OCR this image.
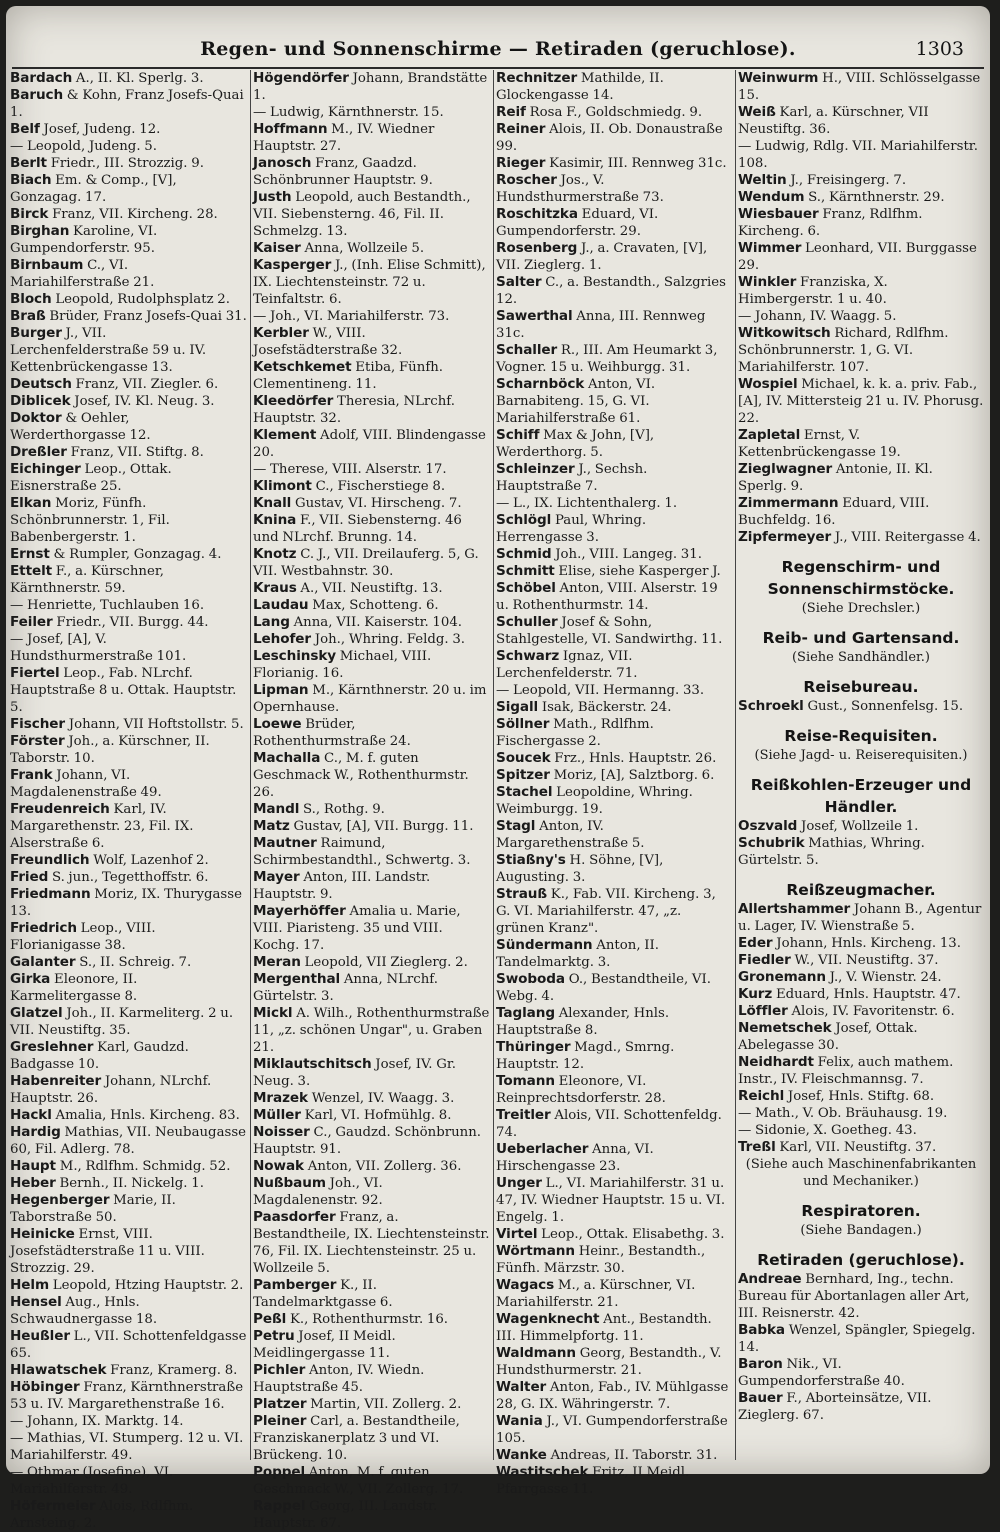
Regen- und Sonnenschirme — Retiraden (geruchlose).	1303
Bardach A., II. Kl. Sperlg. 3.
Baruch & Kohn, Franz Josefs-Quai 1.
Belf Josef, Judeng. 12.
— Leopold, Judeng. 5.
Berlt Friedr., III. Strozzig. 9.
Biach Em. & Comp., [V], Gonzagag. 17.
Birck Franz, VII. Kircheng. 28.
Birghan Karoline, VI. Gumpendorferstr. 95.
Birnbaum C., VI. Mariahilferstraße 21.
Bloch Leopold, Rudolphsplatz 2.
Braß Brüder, Franz Josefs-Quai 31.
Burger J., VII. Lerchenfelderstraße 59 u. IV. Kettenbrückengasse 13.
Deutsch Franz, VII. Ziegler. 6.
Diblicek Josef, IV. Kl. Neug. 3.
Doktor & Oehler, Werderthorgasse 12.
Dreßler Franz, VII. Stiftg. 8.
Eichinger Leop., Ottak. Eisnerstraße 25.
Elkan Moriz, Fünfh. Schönbrunnerstr. 1, Fil. Babenbergerstr. 1.
Ernst & Rumpler, Gonzagag. 4.
Ettelt F., a. Kürschner, Kärnthnerstr. 59.
— Henriette, Tuchlauben 16.
Feiler Friedr., VII. Burgg. 44.
— Josef, [A], V. Hundsthurmerstraße 101.
Fiertel Leop., Fab. NLrchf. Hauptstraße 8 u. Ottak. Hauptstr. 5.
Fischer Johann, VII Hoftstollstr. 5.
Förster Joh., a. Kürschner, II. Taborstr. 10.
Frank Johann, VI. Magdalenenstraße 49.
Freudenreich Karl, IV. Margarethenstr. 23, Fil. IX. Alserstraße 6.
Freundlich Wolf, Lazenhof 2.
Fried S. jun., Tegetthoffstr. 6.
Friedmann Moriz, IX. Thurygasse 13.
Friedrich Leop., VIII. Florianigasse 38.
Galanter S., II. Schreig. 7.
Girka Eleonore, II. Karmelitergasse 8.
Glatzel Joh., II. Karmeliterg. 2 u. VII. Neustiftg. 35.
Greslehner Karl, Gaudzd. Badgasse 10.
Habenreiter Johann, NLrchf. Hauptstr. 26.
Hackl Amalia, Hnls. Kircheng. 83.
Hardig Mathias, VII. Neubaugasse 60, Fil. Adlerg. 78.
Haupt M., Rdlfhm. Schmidg. 52.
Heber Bernh., II. Nickelg. 1.
Hegenberger Marie, II. Taborstraße 50.
Heinicke Ernst, VIII. Josefstädterstraße 11 u. VIII. Strozzig. 29.
Helm Leopold, Htzing Hauptstr. 2.
Hensel Aug., Hnls. Schwaudnergasse 18.
Heußler L., VII. Schottenfeldgasse 65.
Hlawatschek Franz, Kramerg. 8.
Höbinger Franz, Kärnthnerstraße 53 u. IV. Margarethenstraße 16.
— Johann, IX. Marktg. 14.
— Mathias, VI. Stumperg. 12 u. VI. Mariahilferstr. 49.
— Othmar (Josefine), VI. Mariahilferstr. 49.
Höfermeier Alois, Rdlfhm. Arnsteing. 2.
Högendörfer Johann, Brandstätte 1.
— Ludwig, Kärnthnerstr. 15.
Hoffmann M., IV. Wiedner Hauptstr. 27.
Janosch Franz, Gaadzd. Schönbrunner Hauptstr. 9.
Justh Leopold, auch Bestandth., VII. Siebensterng. 46, Fil. II. Schmelzg. 13.
Kaiser Anna, Wollzeile 5.
Kasperger J., (Inh. Elise Schmitt), IX. Liechtensteinstr. 72 u. Teinfaltstr. 6.
— Joh., VI. Mariahilferstr. 73.
Kerbler W., VIII. Josefstädterstraße 32.
Ketschkemet Etiba, Fünfh. Clementineng. 11.
Kleedörfer Theresia, NLrchf. Hauptstr. 32.
Klement Adolf, VIII. Blindengasse 20.
— Therese, VIII. Alserstr. 17.
Klimont C., Fischerstiege 8.
Knall Gustav, VI. Hirscheng. 7.
Knina F., VII. Siebensterng. 46 und NLrchf. Brunng. 14.
Knotz C. J., VII. Dreilauferg. 5, G. VII. Westbahnstr. 30.
Kraus A., VII. Neustiftg. 13.
Laudau Max, Schotteng. 6.
Lang Anna, VII. Kaiserstr. 104.
Lehofer Joh., Whring. Feldg. 3.
Leschinsky Michael, VIII. Florianig. 16.
Lipman M., Kärnthnerstr. 20 u. im Opernhause.
Loewe Brüder, Rothenthurmstraße 24.
Machalla C., M. f. guten Geschmack W., Rothenthurmstr. 26.
Mandl S., Rothg. 9.
Matz Gustav, [A], VII. Burgg. 11.
Mautner Raimund, Schirmbestandthl., Schwertg. 3.
Mayer Anton, III. Landstr. Hauptstr. 9.
Mayerhöffer Amalia u. Marie, VIII. Piaristeng. 35 und VIII. Kochg. 17.
Meran Leopold, VII Zieglerg. 2.
Mergenthal Anna, NLrchf. Gürtelstr. 3.
Mickl A. Wilh., Rothenthurmstraße 11, „z. schönen Ungar", u. Graben 21.
Miklautschitsch Josef, IV. Gr. Neug. 3.
Mrazek Wenzel, IV. Waagg. 3.
Müller Karl, VI. Hofmühlg. 8.
Noisser C., Gaudzd. Schönbrunn. Hauptstr. 91.
Nowak Anton, VII. Zollerg. 36.
Nußbaum Joh., VI. Magdalenenstr. 92.
Paasdorfer Franz, a. Bestandtheile, IX. Liechtensteinstr. 76, Fil. IX. Liechtensteinstr. 25 u. Wollzeile 5.
Pamberger K., II. Tandelmarktgasse 6.
Peßl K., Rothenthurmstr. 16.
Petru Josef, II Meidl. Meidlingergasse 11.
Pichler Anton, IV. Wiedn. Hauptstraße 45.
Platzer Martin, VII. Zollerg. 2.
Pleiner Carl, a. Bestandtheile, Franziskanerplatz 3 und VI. Brückeng. 10.
Poppel Anton, M. f. guten Geschmack W., VII. Zollerg. 17.
Rappel Georg, III. Landstr. Hauptstr. 67.
Rechnitzer Mathilde, II. Glockengasse 14.
Reif Rosa F., Goldschmiedg. 9.
Reiner Alois, II. Ob. Donaustraße 99.
Rieger Kasimir, III. Rennweg 31c.
Roscher Jos., V. Hundsthurmerstraße 73.
Roschitzka Eduard, VI. Gumpendorferstr. 29.
Rosenberg J., a. Cravaten, [V], VII. Zieglerg. 1.
Salter C., a. Bestandth., Salzgries 12.
Sawerthal Anna, III. Rennweg 31c.
Schaller R., III. Am Heumarkt 3, Vogner. 15 u. Weihburgg. 31.
Scharnböck Anton, VI. Barnabiteng. 15, G. VI. Mariahilferstraße 61.
Schiff Max & John, [V], Werderthorg. 5.
Schleinzer J., Sechsh. Hauptstraße 7.
— L., IX. Lichtenthalerg. 1.
Schlögl Paul, Whring. Herrengasse 3.
Schmid Joh., VIII. Langeg. 31.
Schmitt Elise, siehe Kasperger J.
Schöbel Anton, VIII. Alserstr. 19 u. Rothenthurmstr. 14.
Schuller Josef & Sohn, Stahlgestelle, VI. Sandwirthg. 11.
Schwarz Ignaz, VII. Lerchenfelderstr. 71.
— Leopold, VII. Hermanng. 33.
Sigall Isak, Bäckerstr. 24.
Söllner Math., Rdlfhm. Fischergasse 2.
Soucek Frz., Hnls. Hauptstr. 26.
Spitzer Moriz, [A], Salztborg. 6.
Stachel Leopoldine, Whring. Weimburgg. 19.
Stagl Anton, IV. Margarethenstraße 5.
Stiaßny's H. Söhne, [V], Augusting. 3.
Strauß K., Fab. VII. Kircheng. 3, G. VI. Mariahilferstr. 47, „z. grünen Kranz".
Sündermann Anton, II. Tandelmarktg. 3.
Swoboda O., Bestandtheile, VI. Webg. 4.
Taglang Alexander, Hnls. Hauptstraße 8.
Thüringer Magd., Smrng. Hauptstr. 12.
Tomann Eleonore, VI. Reinprechtsdorferstr. 28.
Treitler Alois, VII. Schottenfeldg. 74.
Ueberlacher Anna, VI. Hirschengasse 23.
Unger L., VI. Mariahilferstr. 31 u. 47, IV. Wiedner Hauptstr. 15 u. VI. Engelg. 1.
Virtel Leop., Ottak. Elisabethg. 3.
Wörtmann Heinr., Bestandth., Fünfh. Märzstr. 30.
Wagacs M., a. Kürschner, VI. Mariahilferstr. 21.
Wagenknecht Ant., Bestandth. III. Himmelpfortg. 11.
Waldmann Georg, Bestandth., V. Hundsthurmerstr. 21.
Walter Anton, Fab., IV. Mühlgasse 28, G. IX. Währingerstr. 7.
Wania J., VI. Gumpendorferstraße 105.
Wanke Andreas, II. Taborstr. 31.
Wastitschek Fritz, II Meidl. Pfarrgasse 11.
Weinwurm H., VIII. Schlösselgasse 15.
Weiß Karl, a. Kürschner, VII Neustiftg. 36.
— Ludwig, Rdlg. VII. Mariahilferstr. 108.
Weltin J., Freisingerg. 7.
Wendum S., Kärnthnerstr. 29.
Wiesbauer Franz, Rdlfhm. Kircheng. 6.
Wimmer Leonhard, VII. Burggasse 29.
Winkler Franziska, X. Himbergerstr. 1 u. 40.
— Johann, IV. Waagg. 5.
Witkowitsch Richard, Rdlfhm. Schönbrunnerstr. 1, G. VI. Mariahilferstr. 107.
Wospiel Michael, k. k. a. priv. Fab., [A], IV. Mittersteig 21 u. IV. Phorusg. 22.
Zapletal Ernst, V. Kettenbrückengasse 19.
Zieglwagner Antonie, II. Kl. Sperlg. 9.
Zimmermann Eduard, VIII. Buchfeldg. 16.
Zipfermeyer J., VIII. Reitergasse 4.
Regenschirm- und Sonnenschirmstöcke.
(Siehe Drechsler.)
Reib- und Gartensand.
(Siehe Sandhändler.)
Reisebureau.
Schroekl Gust., Sonnenfelsg. 15.
Reise-Requisiten.
(Siehe Jagd- u. Reiserequisiten.)
Reißkohlen-Erzeuger und Händler.
Oszvald Josef, Wollzeile 1.
Schubrik Mathias, Whring. Gürtelstr. 5.
Reißzeugmacher.
Allertshammer Johann B., Agentur u. Lager, IV. Wienstraße 5.
Eder Johann, Hnls. Kircheng. 13.
Fiedler W., VII. Neustiftg. 37.
Gronemann J., V. Wienstr. 24.
Kurz Eduard, Hnls. Hauptstr. 47.
Löffler Alois, IV. Favoritenstr. 6.
Nemetschek Josef, Ottak. Abelegasse 30.
Neidhardt Felix, auch mathem. Instr., IV. Fleischmannsg. 7.
Reichl Josef, Hnls. Stiftg. 68.
— Math., V. Ob. Bräuhausg. 19.
— Sidonie, X. Goetheg. 43.
Treßl Karl, VII. Neustiftg. 37.
(Siehe auch Maschinenfabrikanten und Mechaniker.)
Respiratoren.
(Siehe Bandagen.)
Retiraden (geruchlose).
Andreae Bernhard, Ing., techn. Bureau für Abortanlagen aller Art, III. Reisnerstr. 42.
Babka Wenzel, Spängler, Spiegelg. 14.
Baron Nik., VI. Gumpendorferstraße 40.
Bauer F., Aborteinsätze, VII. Zieglerg. 67.
